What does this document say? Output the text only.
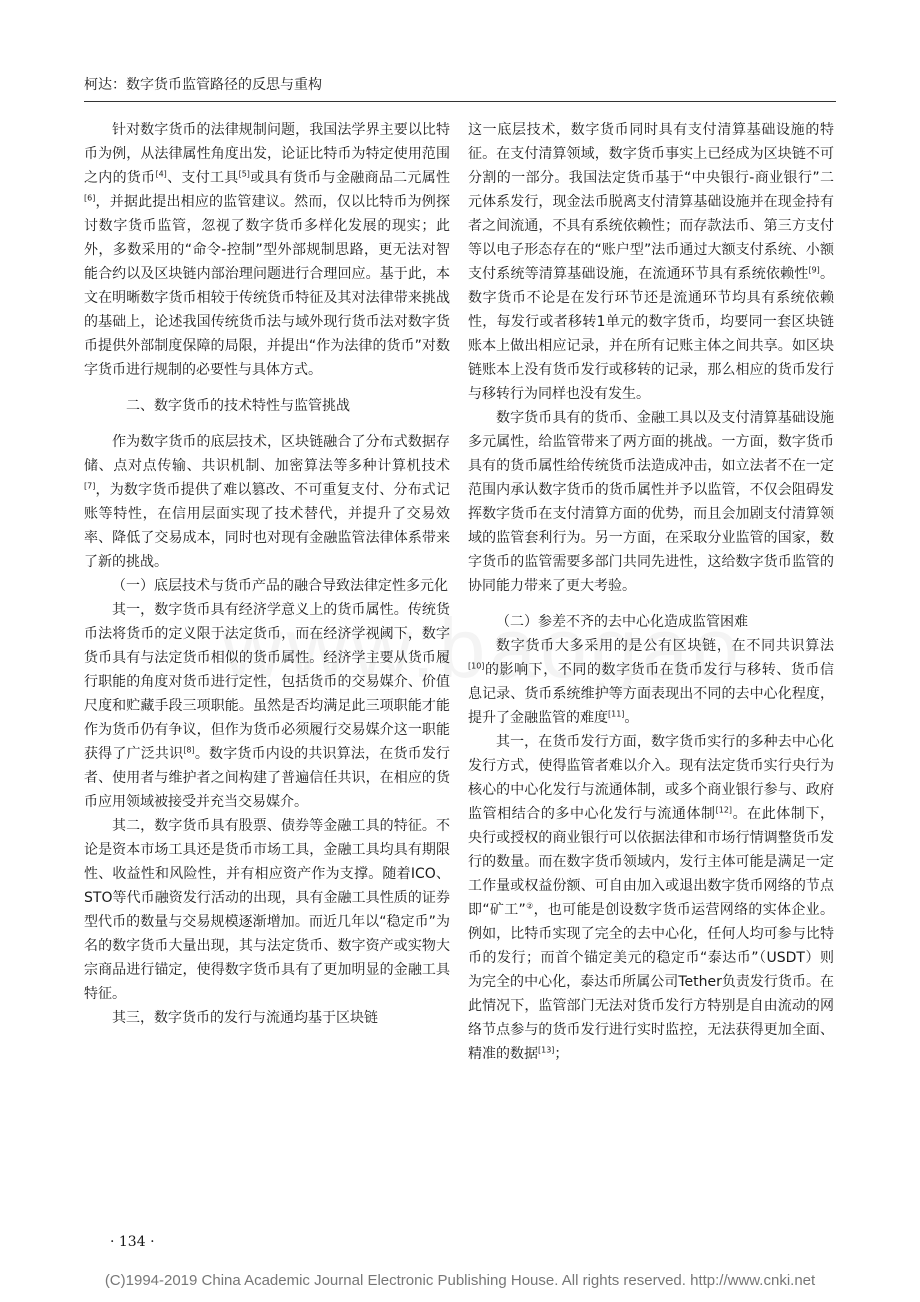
柯达：数字货币监管路径的反思与重构

针对数字货币的法律规制问题，我国法学界主要以比特币为例，从法律属性角度出发，论证比特币为特定使用范围之内的货币[4]、支付工具[5]或具有货币与金融商品二元属性[6]，并据此提出相应的监管建议。然而，仅以比特币为例探讨数字货币监管，忽视了数字货币多样化发展的现实；此外，多数采用的“命令-控制”型外部规制思路，更无法对智能合约以及区块链内部治理问题进行合理回应。基于此，本文在明晰数字货币相较于传统货币特征及其对法律带来挑战的基础上，论述我国传统货币法与域外现行货币法对数字货币提供外部制度保障的局限，并提出“作为法律的货币”对数字货币进行规制的必要性与具体方式。

二、数字货币的技术特性与监管挑战

作为数字货币的底层技术，区块链融合了分布式数据存储、点对点传输、共识机制、加密算法等多种计算机技术[7]，为数字货币提供了难以篡改、不可重复支付、分布式记账等特性，在信用层面实现了技术替代，并提升了交易效率、降低了交易成本，同时也对现有金融监管法律体系带来了新的挑战。

（一）底层技术与货币产品的融合导致法律定性多元化

其一，数字货币具有经济学意义上的货币属性。传统货币法将货币的定义限于法定货币，而在经济学视阈下，数字货币具有与法定货币相似的货币属性。经济学主要从货币履行职能的角度对货币进行定性，包括货币的交易媒介、价值尺度和贮藏手段三项职能。虽然是否均满足此三项职能才能作为货币仍有争议，但作为货币必须履行交易媒介这一职能获得了广泛共识[8]。数字货币内设的共识算法，在货币发行者、使用者与维护者之间构建了普遍信任共识，在相应的货币应用领域被接受并充当交易媒介。

其二，数字货币具有股票、债券等金融工具的特征。不论是资本市场工具还是货币市场工具，金融工具均具有期限性、收益性和风险性，并有相应资产作为支撑。随着ICO、STO等代币融资发行活动的出现，具有金融工具性质的证券型代币的数量与交易规模逐渐增加。而近几年以“稳定币”为名的数字货币大量出现，其与法定货币、数字资产或实物大宗商品进行锚定，使得数字货币具有了更加明显的金融工具特征。

其三，数字货币的发行与流通均基于区块链

这一底层技术，数字货币同时具有支付清算基础设施的特征。在支付清算领域，数字货币事实上已经成为区块链不可分割的一部分。我国法定货币基于“中央银行-商业银行”二元体系发行，现金法币脱离支付清算基础设施并在现金持有者之间流通，不具有系统依赖性；而存款法币、第三方支付等以电子形态存在的“账户型”法币通过大额支付系统、小额支付系统等清算基础设施，在流通环节具有系统依赖性[9]。数字货币不论是在发行环节还是流通环节均具有系统依赖性，每发行或者移转1单元的数字货币，均要同一套区块链账本上做出相应记录，并在所有记账主体之间共享。如区块链账本上没有货币发行或移转的记录，那么相应的货币发行与移转行为同样也没有发生。

数字货币具有的货币、金融工具以及支付清算基础设施多元属性，给监管带来了两方面的挑战。一方面，数字货币具有的货币属性给传统货币法造成冲击，如立法者不在一定范围内承认数字货币的货币属性并予以监管，不仅会阻碍发挥数字货币在支付清算方面的优势，而且会加剧支付清算领域的监管套利行为。另一方面，在采取分业监管的国家，数字货币的监管需要多部门共同先进性，这给数字货币监管的协同能力带来了更大考验。

（二）参差不齐的去中心化造成监管困难

数字货币大多采用的是公有区块链，在不同共识算法[10]的影响下，不同的数字货币在货币发行与移转、货币信息记录、货币系统维护等方面表现出不同的去中心化程度，提升了金融监管的难度[11]。

其一，在货币发行方面，数字货币实行的多种去中心化发行方式，使得监管者难以介入。现有法定货币实行央行为核心的中心化发行与流通体制，或多个商业银行参与、政府监管相结合的多中心化发行与流通体制[12]。在此体制下，央行或授权的商业银行可以依据法律和市场行情调整货币发行的数量。而在数字货币领域内，发行主体可能是满足一定工作量或权益份额、可自由加入或退出数字货币网络的节点即“矿工”②，也可能是创设数字货币运营网络的实体企业。例如，比特币实现了完全的去中心化，任何人均可参与比特币的发行；而首个锚定美元的稳定币“泰达币”（USDT）则为完全的中心化，泰达币所属公司Tether负责发行货币。在此情况下，监管部门无法对货币发行方特别是自由流动的网络节点参与的货币发行进行实时监控，无法获得更加全面、精准的数据[13]；

· 134 ·
(C)1994-2019 China Academic Journal Electronic Publishing House. All rights reserved. http://www.cnki.net
